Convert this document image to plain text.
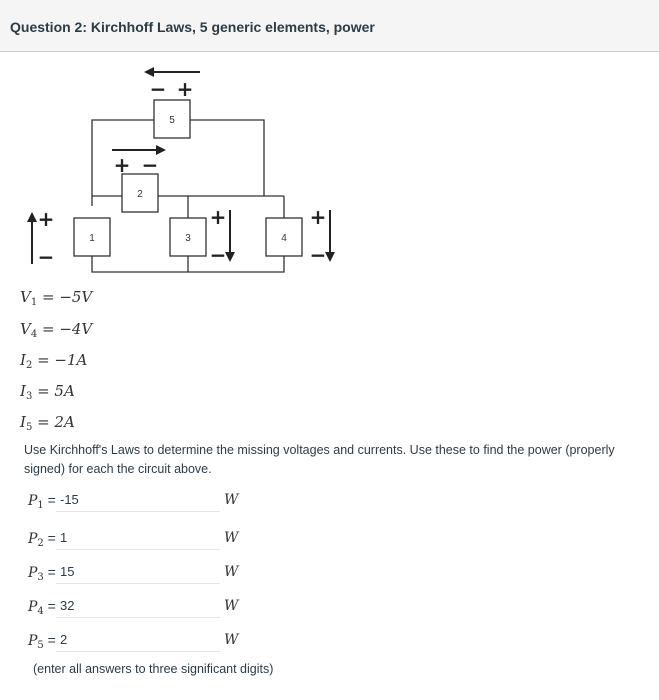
Question 2: Kirchhoff Laws, 5 generic elements, power
1
2
3	4
5
− +
+ −
+
−
+
−
+
−
$V_1 = -5V$
$V_4 = -4V$
$I_2 = -1A$
$I_3 = 5A$
$I_5 = 2A$
Use Kirchhoff's Laws to determine the missing voltages and currents. Use these to find the power (properly signed) for each the circuit above.
$P_1$ =
-15	W
$P_2$ =
1	W
$P_3$ =
15	W
$P_4$ =
32	W
$P_5$ =
2	W
(enter all answers to three significant digits)
